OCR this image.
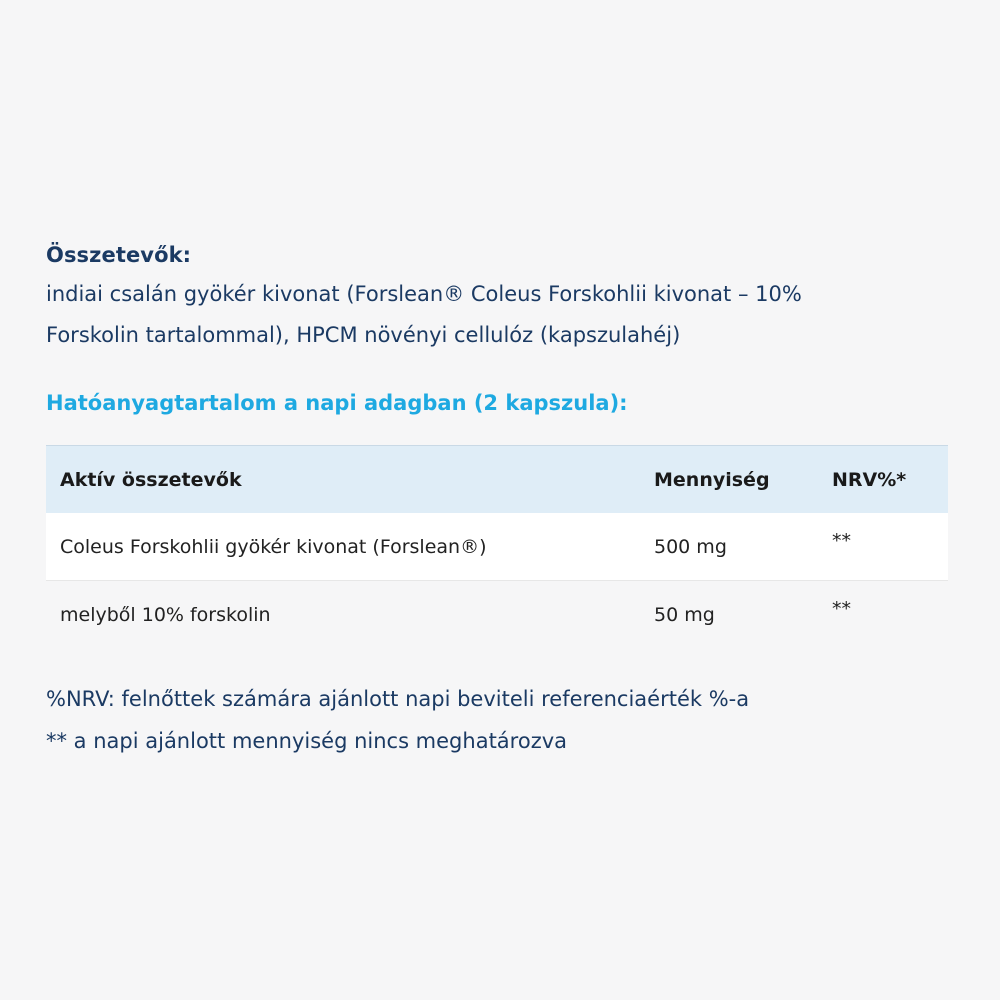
Összetevők:
indiai csalán gyökér kivonat (Forslean® Coleus Forskohlii kivonat – 10%
Forskolin tartalommal), HPCM növényi cellulóz (kapszulahéj)
Hatóanyagtartalom a napi adagban (2 kapszula):
Aktív összetevők	Mennyiség	NRV%*
Coleus Forskohlii gyökér kivonat (Forslean®)	500 mg	**
melyből 10% forskolin	50 mg	**
%NRV: felnőttek számára ajánlott napi beviteli referenciaérték %-a
** a napi ajánlott mennyiség nincs meghatározva
